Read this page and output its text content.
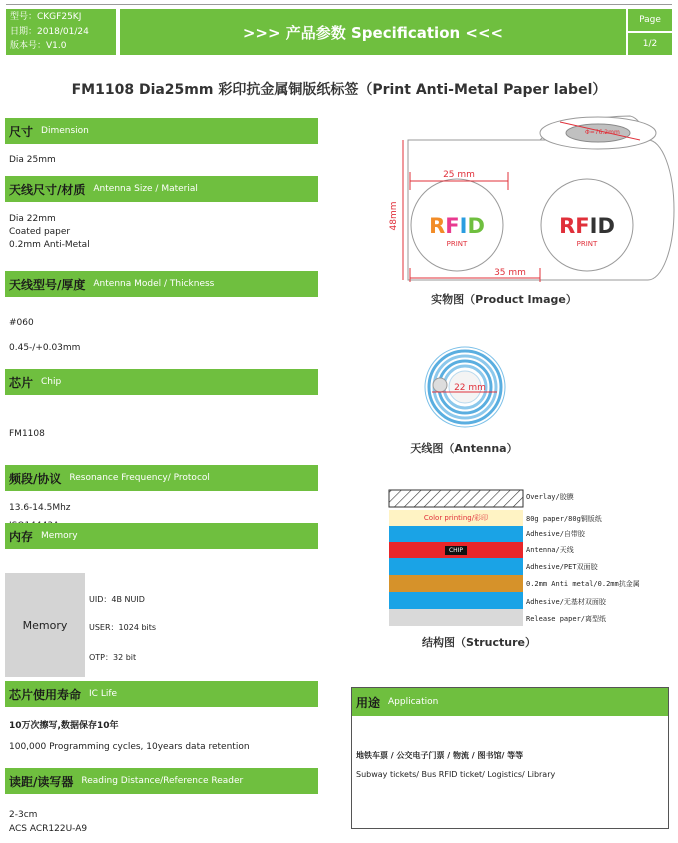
型号：CKGF25KJ
日期：2018/01/24
版本号：V1.0
>>> 产品参数 Specification <<<
Page
1/2
FM1108 Dia25mm 彩印抗金属铜版纸标签（Print Anti-Metal Paper label）
尺寸 Dimension
Dia 25mm
天线尺寸/材质 Antenna Size / Material
Dia 22mm
Coated paper
0.2mm Anti-Metal
天线型号/厚度 Antenna Model / Thickness
#060
0.45-/+0.03mm
芯片 Chip
FM1108
频段/协议 Resonance Frequency/ Protocol
13.6-14.5Mhz
内存 Memory
Memory
UID：4B NUID
USER：1024 bits
OTP：32 bit
芯片使用寿命 IC Life
10万次擦写,数据保存10年
100,000 Programming cycles, 10years data retention
读距/读写器 Reading Distance/Reference Reader
2-3cm
ACS ACR122U-A9
Φ=76.2mm
RFID
PRINT
RFID
PRINT
25 mm
35 mm
48mm
22 mm
实物图（Product Image）
天线图（Antenna）
Overlay/胶膜
Color printing/彩印	80g paper/80g铜版纸
Adhesive/自带胶
CHIP	Antenna/天线
Adhesive/PET双面胶
0.2mm Anti metal/0.2mm抗金属
Adhesive/无基材双面胶
Release paper/离型纸
结构图（Structure）
用途 Application
地铁车票 / 公交电子门票 / 物流 / 图书馆/ 等等
Subway tickets/ Bus RFID ticket/ Logistics/ Library
